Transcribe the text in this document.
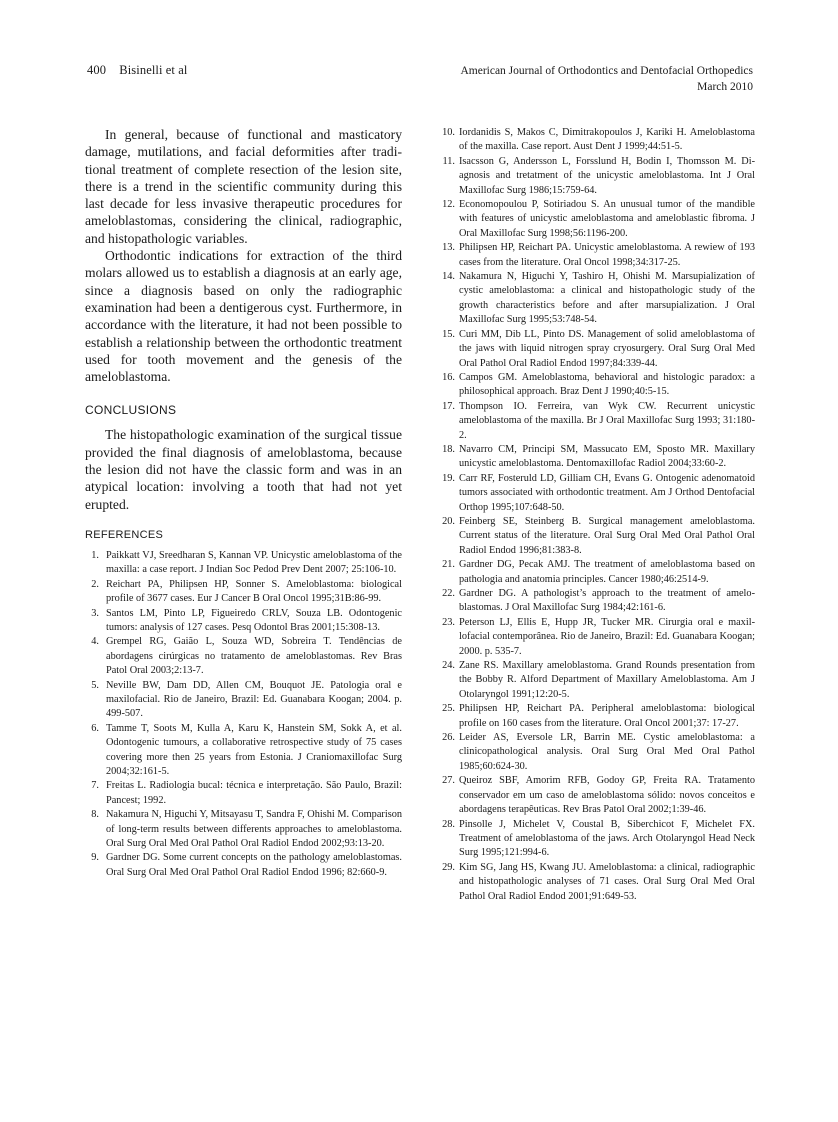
400 Bisinelli et al	American Journal of Orthodontics and Dentofacial Orthopedics
March 2010

In general, because of functional and masticatory damage, mutilations, and facial deformities after traditional treatment of complete resection of the lesion site, there is a trend in the scientific community during this last decade for less invasive therapeutic procedures for ameloblastomas, considering the clinical, radiographic, and histopathologic variables.

Orthodontic indications for extraction of the third molars allowed us to establish a diagnosis at an early age, since a diagnosis based on only the radiographic examination had been a dentigerous cyst. Furthermore, in accordance with the literature, it had not been possible to establish a relationship between the orthodontic treatment used for tooth movement and the genesis of the ameloblastoma.

CONCLUSIONS

The histopathologic examination of the surgical tissue provided the final diagnosis of ameloblastoma, because the lesion did not have the classic form and was in an atypical location: involving a tooth that had not yet erupted.

REFERENCES
1. Paikkatt VJ, Sreedharan S, Kannan VP. Unicystic ameloblastoma of the maxilla: a case report. J Indian Soc Pedod Prev Dent 2007; 25:106-10.
2. Reichart PA, Philipsen HP, Sonner S. Ameloblastoma: biological profile of 3677 cases. Eur J Cancer B Oral Oncol 1995;31B:86-99.
3. Santos LM, Pinto LP, Figueiredo CRLV, Souza LB. Odontogenic tumors: analysis of 127 cases. Pesq Odontol Bras 2001;15:308-13.
4. Grempel RG, Gaião L, Souza WD, Sobreira T. Tendências de abordagens cirúrgicas no tratamento de ameloblastomas. Rev Bras Patol Oral 2003;2:13-7.
5. Neville BW, Dam DD, Allen CM, Bouquot JE. Patologia oral e maxilofacial. Rio de Janeiro, Brazil: Ed. Guanabara Koogan; 2004. p. 499-507.
6. Tamme T, Soots M, Kulla A, Karu K, Hanstein SM, Sokk A, et al. Odontogenic tumours, a collaborative retrospective study of 75 cases covering more then 25 years from Estonia. J Craniomaxillofac Surg 2004;32:161-5.
7. Freitas L. Radiologia bucal: técnica e interpretação. São Paulo, Brazil: Pancest; 1992.
8. Nakamura N, Higuchi Y, Mitsayasu T, Sandra F, Ohishi M. Comparison of long-term results between differents approaches to ameloblastoma. Oral Surg Oral Med Oral Pathol Oral Radiol Endod 2002;93:13-20.
9. Gardner DG. Some current concepts on the pathology ameloblastomas. Oral Surg Oral Med Oral Pathol Oral Radiol Endod 1996; 82:660-9.
10. Iordanidis S, Makos C, Dimitrakopoulos J, Kariki H. Ameloblastoma of the maxilla. Case report. Aust Dent J 1999;44:51-5.
11. Isacsson G, Andersson L, Forsslund H, Bodin I, Thomsson M. Diagnosis and tretatment of the unicystic ameloblastoma. Int J Oral Maxillofac Surg 1986;15:759-64.
12. Economopoulou P, Sotiriadou S. An unusual tumor of the mandible with features of unicystic ameloblastoma and ameloblastic fibroma. J Oral Maxillofac Surg 1998;56:1196-200.
13. Philipsen HP, Reichart PA. Unicystic ameloblastoma. A rewiew of 193 cases from the literature. Oral Oncol 1998;34:317-25.
14. Nakamura N, Higuchi Y, Tashiro H, Ohishi M. Marsupialization of cystic ameloblastoma: a clinical and histopathologic study of the growth characteristics before and after marsupialization. J Oral Maxillofac Surg 1995;53:748-54.
15. Curi MM, Dib LL, Pinto DS. Management of solid ameloblastoma of the jaws with liquid nitrogen spray cryosurgery. Oral Surg Oral Med Oral Pathol Oral Radiol Endod 1997;84:339-44.
16. Campos GM. Ameloblastoma, behavioral and histologic paradox: a philosophical approach. Braz Dent J 1990;40:5-15.
17. Thompson IO. Ferreira, van Wyk CW. Recurrent unicystic ameloblastoma of the maxilla. Br J Oral Maxillofac Surg 1993; 31:180-2.
18. Navarro CM, Principi SM, Massucato EM, Sposto MR. Maxillary unicystic ameloblastoma. Dentomaxillofac Radiol 2004;33:60-2.
19. Carr RF, Fosteruld LD, Gilliam CH, Evans G. Ontogenic adenomatoid tumors associated with orthodontic treatment. Am J Orthod Dentofacial Orthop 1995;107:648-50.
20. Feinberg SE, Steinberg B. Surgical management ameloblastoma. Current status of the literature. Oral Surg Oral Med Oral Pathol Oral Radiol Endod 1996;81:383-8.
21. Gardner DG, Pecak AMJ. The treatment of ameloblastoma based on pathologia and anatomia principles. Cancer 1980;46:2514-9.
22. Gardner DG. A pathologist’s approach to the treatment of ameloblastomas. J Oral Maxillofac Surg 1984;42:161-6.
23. Peterson LJ, Ellis E, Hupp JR, Tucker MR. Cirurgia oral e maxillofacial contemporânea. Rio de Janeiro, Brazil: Ed. Guanabara Koogan; 2000. p. 535-7.
24. Zane RS. Maxillary ameloblastoma. Grand Rounds presentation from the Bobby R. Alford Department of Maxillary Ameloblastoma. Am J Otolaryngol 1991;12:20-5.
25. Philipsen HP, Reichart PA. Peripheral ameloblastoma: biological profile on 160 cases from the literature. Oral Oncol 2001;37: 17-27.
26. Leider AS, Eversole LR, Barrin ME. Cystic ameloblastoma: a clinicopathological analysis. Oral Surg Oral Med Oral Pathol 1985;60:624-30.
27. Queiroz SBF, Amorim RFB, Godoy GP, Freita RA. Tratamento conservador em um caso de ameloblastoma sólido: novos conceitos e abordagens terapêuticas. Rev Bras Patol Oral 2002;1:39-46.
28. Pinsolle J, Michelet V, Coustal B, Siberchicot F, Michelet FX. Treatment of ameloblastoma of the jaws. Arch Otolaryngol Head Neck Surg 1995;121:994-6.
29. Kim SG, Jang HS, Kwang JU. Ameloblastoma: a clinical, radiographic and histopathologic analyses of 71 cases. Oral Surg Oral Med Oral Pathol Oral Radiol Endod 2001;91:649-53.
